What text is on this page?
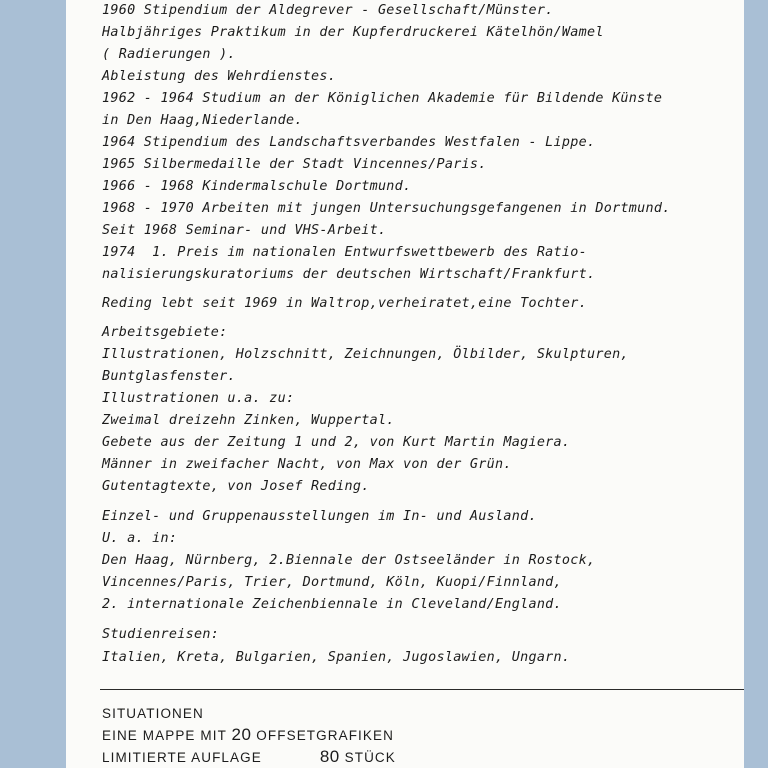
1960 Stipendium der Aldegrever - Gesellschaft/Münster.
Halbjähriges Praktikum in der Kupferdruckerei Kätelhön/Wamel
( Radierungen ).
Ableistung des Wehrdienstes.
1962 - 1964 Studium an der Königlichen Akademie für Bildende Künste
in Den Haag,Niederlande.
1964 Stipendium des Landschaftsverbandes Westfalen - Lippe.
1965 Silbermedaille der Stadt Vincennes/Paris.
1966 - 1968 Kindermalschule Dortmund.
1968 - 1970 Arbeiten mit jungen Untersuchungsgefangenen in Dortmund.
Seit 1968 Seminar- und VHS-Arbeit.
1974  1. Preis im nationalen Entwurfswettbewerb des Ratio-
nalisierungskuratoriums der deutschen Wirtschaft/Frankfurt.
Reding lebt seit 1969 in Waltrop,verheiratet,eine Tochter.
Arbeitsgebiete:
Illustrationen, Holzschnitt, Zeichnungen, Ölbilder, Skulpturen,
Buntglasfenster.
Illustrationen u.a. zu:
Zweimal dreizehn Zinken, Wuppertal.
Gebete aus der Zeitung 1 und 2, von Kurt Martin Magiera.
Männer in zweifacher Nacht, von Max von der Grün.
Gutentagtexte, von Josef Reding.
Einzel- und Gruppenausstellungen im In- und Ausland.
U. a. in:
Den Haag, Nürnberg, 2.Biennale der Ostseeländer in Rostock,
Vincennes/Paris, Trier, Dortmund, Köln, Kuopi/Finnland,
2. internationale Zeichenbiennale in Cleveland/England.
Studienreisen:
Italien, Kreta, Bulgarien, Spanien, Jugoslawien, Ungarn.
SITUATIONEN
EINE MAPPE MIT 20 OFFSETGRAFIKEN
LIMITIERTE AUFLAGE	80 STÜCK
